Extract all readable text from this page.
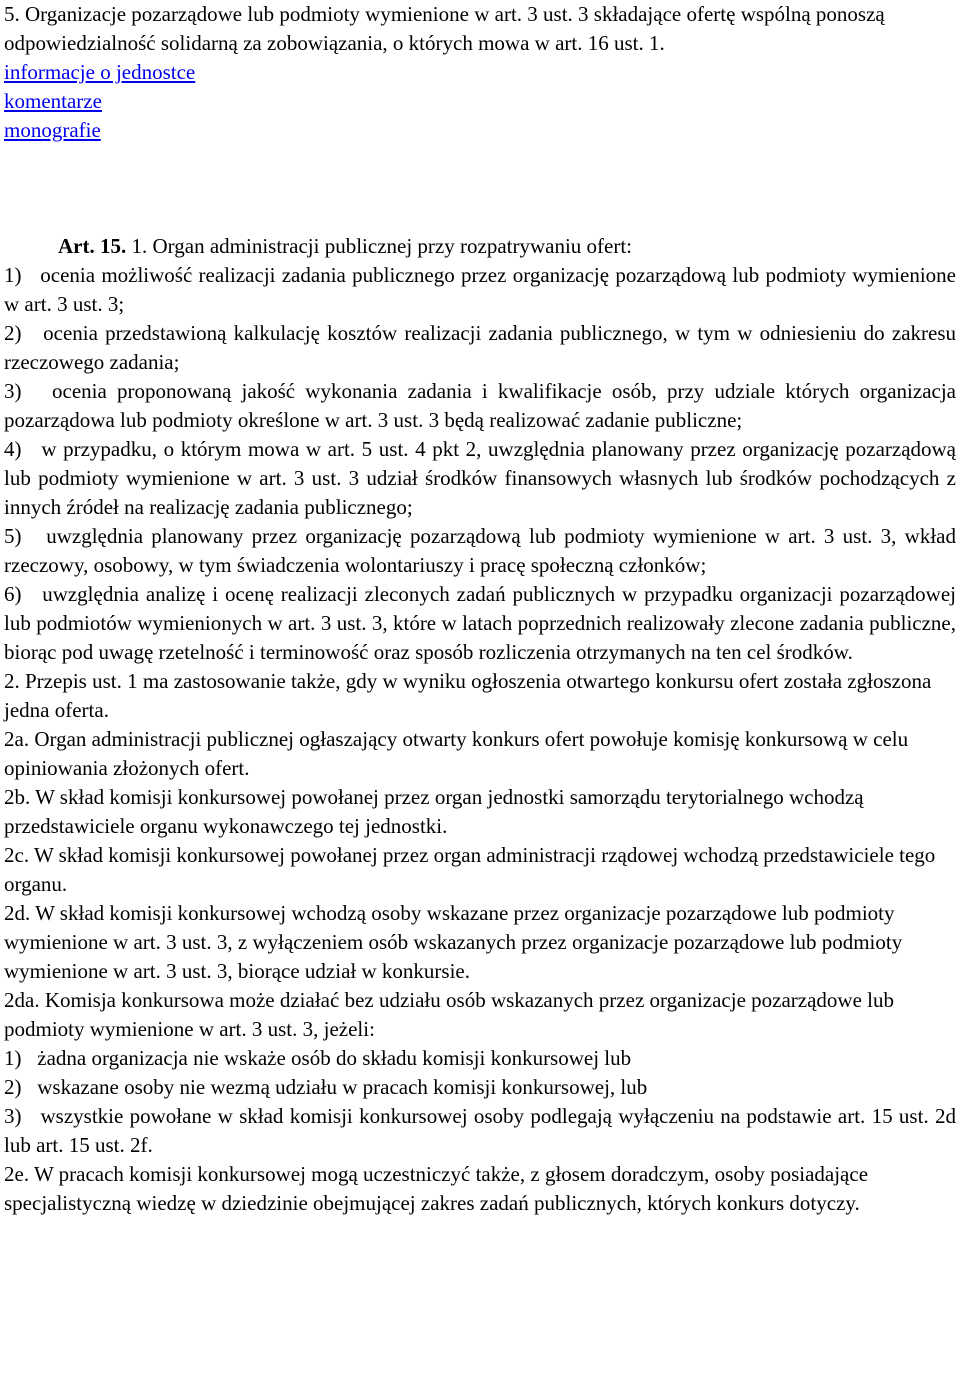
5. Organizacje pozarządowe lub podmioty wymienione w art. 3 ust. 3 składające ofertę wspólną ponoszą odpowiedzialność solidarną za zobowiązania, o których mowa w art. 16 ust. 1.

informacje o jednostce
komentarze
monografie

Art. 15. 1. Organ administracji publicznej przy rozpatrywaniu ofert:

1) ocenia możliwość realizacji zadania publicznego przez organizację pozarządową lub podmioty wymienione w art. 3 ust. 3;

2) ocenia przedstawioną kalkulację kosztów realizacji zadania publicznego, w tym w odniesieniu do zakresu rzeczowego zadania;

3) ocenia proponowaną jakość wykonania zadania i kwalifikacje osób, przy udziale których organizacja pozarządowa lub podmioty określone w art. 3 ust. 3 będą realizować zadanie publiczne;

4) w przypadku, o którym mowa w art. 5 ust. 4 pkt 2, uwzględnia planowany przez organizację pozarządową lub podmioty wymienione w art. 3 ust. 3 udział środków finansowych własnych lub środków pochodzących z innych źródeł na realizację zadania publicznego;

5) uwzględnia planowany przez organizację pozarządową lub podmioty wymienione w art. 3 ust. 3, wkład rzeczowy, osobowy, w tym świadczenia wolontariuszy i pracę społeczną członków;

6) uwzględnia analizę i ocenę realizacji zleconych zadań publicznych w przypadku organizacji pozarządowej lub podmiotów wymienionych w art. 3 ust. 3, które w latach poprzednich realizowały zlecone zadania publiczne, biorąc pod uwagę rzetelność i terminowość oraz sposób rozliczenia otrzymanych na ten cel środków.

2. Przepis ust. 1 ma zastosowanie także, gdy w wyniku ogłoszenia otwartego konkursu ofert została zgłoszona jedna oferta.

2a. Organ administracji publicznej ogłaszający otwarty konkurs ofert powołuje komisję konkursową w celu opiniowania złożonych ofert.

2b. W skład komisji konkursowej powołanej przez organ jednostki samorządu terytorialnego wchodzą przedstawiciele organu wykonawczego tej jednostki.

2c. W skład komisji konkursowej powołanej przez organ administracji rządowej wchodzą przedstawiciele tego organu.

2d. W skład komisji konkursowej wchodzą osoby wskazane przez organizacje pozarządowe lub podmioty wymienione w art. 3 ust. 3, z wyłączeniem osób wskazanych przez organizacje pozarządowe lub podmioty wymienione w art. 3 ust. 3, biorące udział w konkursie.

2da. Komisja konkursowa może działać bez udziału osób wskazanych przez organizacje pozarządowe lub podmioty wymienione w art. 3 ust. 3, jeżeli:

1) żadna organizacja nie wskaże osób do składu komisji konkursowej lub

2) wskazane osoby nie wezmą udziału w pracach komisji konkursowej, lub

3) wszystkie powołane w skład komisji konkursowej osoby podlegają wyłączeniu na podstawie art. 15 ust. 2d lub art. 15 ust. 2f.

2e. W pracach komisji konkursowej mogą uczestniczyć także, z głosem doradczym, osoby posiadające specjalistyczną wiedzę w dziedzinie obejmującej zakres zadań publicznych, których konkurs dotyczy.
